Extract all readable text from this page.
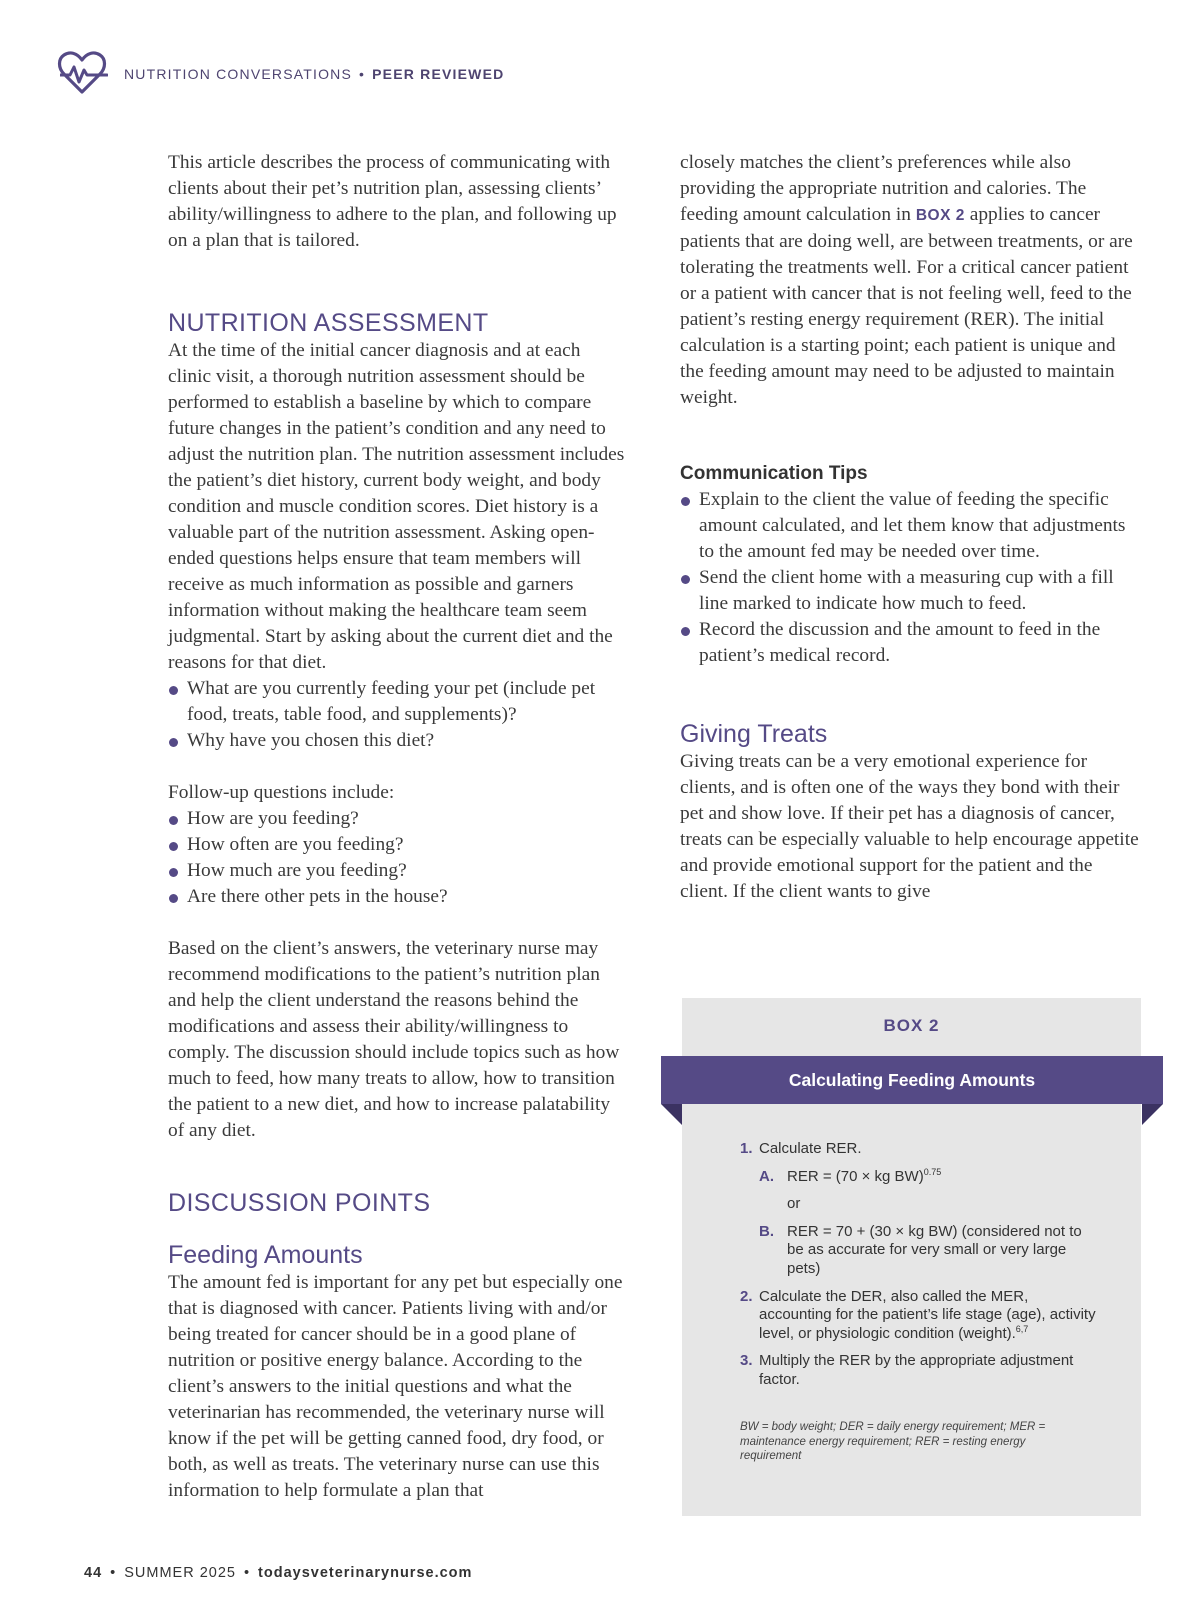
NUTRITION CONVERSATIONS • PEER REVIEWED

This article describes the process of communicating with clients about their pet’s nutrition plan, assessing clients’ ability/willingness to adhere to the plan, and following up on a plan that is tailored.

NUTRITION ASSESSMENT

At the time of the initial cancer diagnosis and at each clinic visit, a thorough nutrition assessment should be performed to establish a baseline by which to compare future changes in the patient’s condition and any need to adjust the nutrition plan. The nutrition assessment includes the patient’s diet history, current body weight, and body condition and muscle condition scores. Diet history is a valuable part of the nutrition assessment. Asking open-ended questions helps ensure that team members will receive as much information as possible and garners information without making the healthcare team seem judgmental. Start by asking about the current diet and the reasons for that diet.

What are you currently feeding your pet (include pet food, treats, table food, and supplements)?
Why have you chosen this diet?

Follow-up questions include:

How are you feeding?
How often are you feeding?
How much are you feeding?
Are there other pets in the house?

Based on the client’s answers, the veterinary nurse may recommend modifications to the patient’s nutrition plan and help the client understand the reasons behind the modifications and assess their ability/willingness to comply. The discussion should include topics such as how much to feed, how many treats to allow, how to transition the patient to a new diet, and how to increase palatability of any diet.

DISCUSSION POINTS
Feeding Amounts

The amount fed is important for any pet but especially one that is diagnosed with cancer. Patients living with and/or being treated for cancer should be in a good plane of nutrition or positive energy balance. According to the client’s answers to the initial questions and what the veterinarian has recommended, the veterinary nurse will know if the pet will be getting canned food, dry food, or both, as well as treats. The veterinary nurse can use this information to help formulate a plan that

closely matches the client’s preferences while also providing the appropriate nutrition and calories. The feeding amount calculation in BOX 2 applies to cancer patients that are doing well, are between treatments, or are tolerating the treatments well. For a critical cancer patient or a patient with cancer that is not feeling well, feed to the patient’s resting energy requirement (RER). The initial calculation is a starting point; each patient is unique and the feeding amount may need to be adjusted to maintain weight.

Communication Tips
Explain to the client the value of feeding the specific amount calculated, and let them know that adjustments to the amount fed may be needed over time.
Send the client home with a measuring cup with a fill line marked to indicate how much to feed.
Record the discussion and the amount to feed in the patient’s medical record.
Giving Treats

Giving treats can be a very emotional experience for clients, and is often one of the ways they bond with their pet and show love. If their pet has a diagnosis of cancer, treats can be especially valuable to help encourage appetite and provide emotional support for the patient and the client. If the client wants to give

BOX 2
Calculating Feeding Amounts
1. Calculate RER.
A. RER = (70 × kg BW)$^{0.75}$
or
B. RER = 70 + (30 × kg BW) (considered not to be as accurate for very small or very large pets)
2. Calculate the DER, also called the MER, accounting for the patient’s life stage (age), activity level, or physiologic condition (weight).$^{6,7}$
3. Multiply the RER by the appropriate adjustment factor.
BW = body weight; DER = daily energy requirement; MER = maintenance energy requirement; RER = resting energy requirement
44 • SUMMER 2025 • todaysveterinarynurse.com
